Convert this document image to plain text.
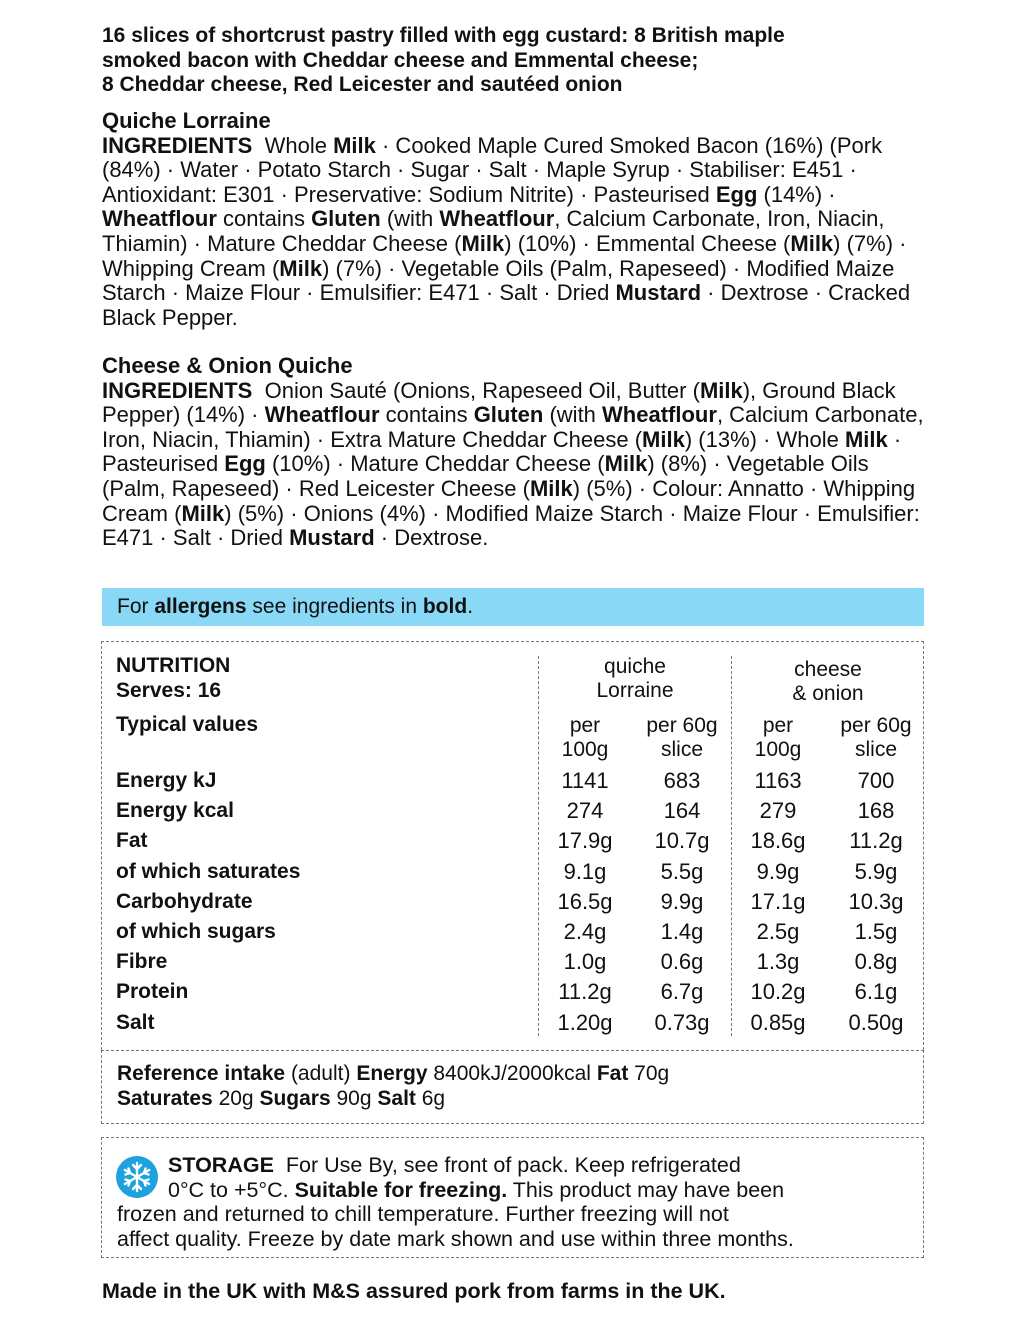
16 slices of shortcrust pastry filled with egg custard: 8 British maple
smoked bacon with Cheddar cheese and Emmental cheese;
8 Cheddar cheese, Red Leicester and sautéed onion
Quiche Lorraine
INGREDIENTS Whole Milk · Cooked Maple Cured Smoked Bacon (16%) (Pork (84%) · Water · Potato Starch · Sugar · Salt · Maple Syrup · Stabiliser: E451 · Antioxidant: E301 · Preservative: Sodium Nitrite) · Pasteurised Egg (14%) · Wheatflour contains Gluten (with Wheatflour, Calcium Carbonate, Iron, Niacin, Thiamin) · Mature Cheddar Cheese (Milk) (10%) · Emmental Cheese (Milk) (7%) · Whipping Cream (Milk) (7%) · Vegetable Oils (Palm, Rapeseed) · Modified Maize Starch · Maize Flour · Emulsifier: E471 · Salt · Dried Mustard · Dextrose · Cracked Black Pepper.
Cheese & Onion Quiche
INGREDIENTS Onion Sauté (Onions, Rapeseed Oil, Butter (Milk), Ground Black Pepper) (14%) · Wheatflour contains Gluten (with Wheatflour, Calcium Carbonate, Iron, Niacin, Thiamin) · Extra Mature Cheddar Cheese (Milk) (13%) · Whole Milk · Pasteurised Egg (10%) · Mature Cheddar Cheese (Milk) (8%) · Vegetable Oils (Palm, Rapeseed) · Red Leicester Cheese (Milk) (5%) · Colour: Annatto · Whipping Cream (Milk) (5%) · Onions (4%) · Modified Maize Starch · Maize Flour · Emulsifier: E471 · Salt · Dried Mustard · Dextrose.
For allergens see ingredients in bold.
NUTRITION
Serves: 16
Typical values
quiche
Lorraine
cheese
& onion
per
100g
per 60g
slice
per
100g
per 60g
slice
Energy kJ	1141	683	1163	700
Energy kcal	274	164	279	168
Fat	17.9g	10.7g	18.6g	11.2g
of which saturates	9.1g	5.5g	9.9g	5.9g
Carbohydrate	16.5g	9.9g	17.1g	10.3g
of which sugars	2.4g	1.4g	2.5g	1.5g
Fibre	1.0g	0.6g	1.3g	0.8g
Protein	11.2g	6.7g	10.2g	6.1g
Salt	1.20g	0.73g	0.85g	0.50g
Reference intake (adult) Energy 8400kJ/2000kcal Fat 70g
Saturates 20g Sugars 90g Salt 6g
STORAGE For Use By, see front of pack. Keep refrigerated
0°C to +5°C. Suitable for freezing. This product may have been
frozen and returned to chill temperature. Further freezing will not
affect quality. Freeze by date mark shown and use within three months.
Made in the UK with M&S assured pork from farms in the UK.
